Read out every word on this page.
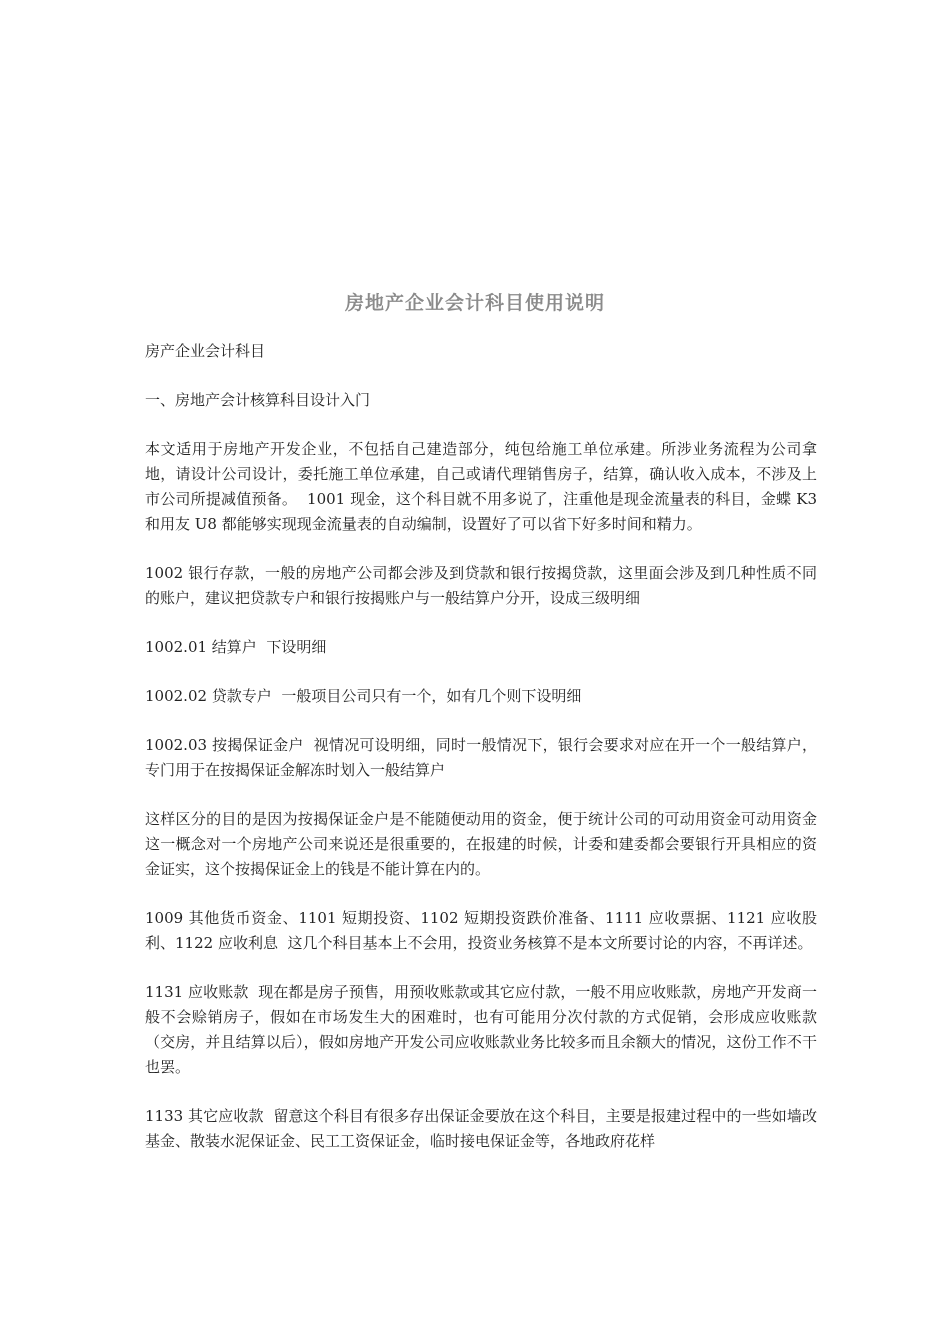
房地产企业会计科目使用说明

房产企业会计科目

一、房地产会计核算科目设计入门

本文适用于房地产开发企业，不包括自己建造部分，纯包给施工单位承建。所涉业务流程为公司拿地，请设计公司设计，委托施工单位承建，自己或请代理销售房子，结算，确认收入成本，不涉及上市公司所提减值预备。  1001 现金，这个科目就不用多说了，注重他是现金流量表的科目，金蝶 K3 和用友 U8 都能够实现现金流量表的自动编制，设置好了可以省下好多时间和精力。

1002 银行存款，一般的房地产公司都会涉及到贷款和银行按揭贷款，这里面会涉及到几种性质不同的账户，建议把贷款专户和银行按揭账户与一般结算户分开，设成三级明细

1002.01 结算户  下设明细

1002.02 贷款专户  一般项目公司只有一个，如有几个则下设明细

1002.03 按揭保证金户  视情况可设明细，同时一般情况下，银行会要求对应在开一个一般结算户，专门用于在按揭保证金解冻时划入一般结算户

这样区分的目的是因为按揭保证金户是不能随便动用的资金，便于统计公司的可动用资金可动用资金这一概念对一个房地产公司来说还是很重要的，在报建的时候，计委和建委都会要银行开具相应的资金证实，这个按揭保证金上的钱是不能计算在内的。

1009 其他货币资金、1101 短期投资、1102 短期投资跌价准备、1111 应收票据、1121 应收股利、1122 应收利息  这几个科目基本上不会用，投资业务核算不是本文所要讨论的内容，不再详述。

1131 应收账款  现在都是房子预售，用预收账款或其它应付款，一般不用应收账款，房地产开发商一般不会赊销房子，假如在市场发生大的困难时，也有可能用分次付款的方式促销，会形成应收账款（交房，并且结算以后），假如房地产开发公司应收账款业务比较多而且余额大的情况，这份工作不干也罢。

1133 其它应收款  留意这个科目有很多存出保证金要放在这个科目，主要是报建过程中的一些如墙改基金、散装水泥保证金、民工工资保证金，临时接电保证金等，各地政府花样
